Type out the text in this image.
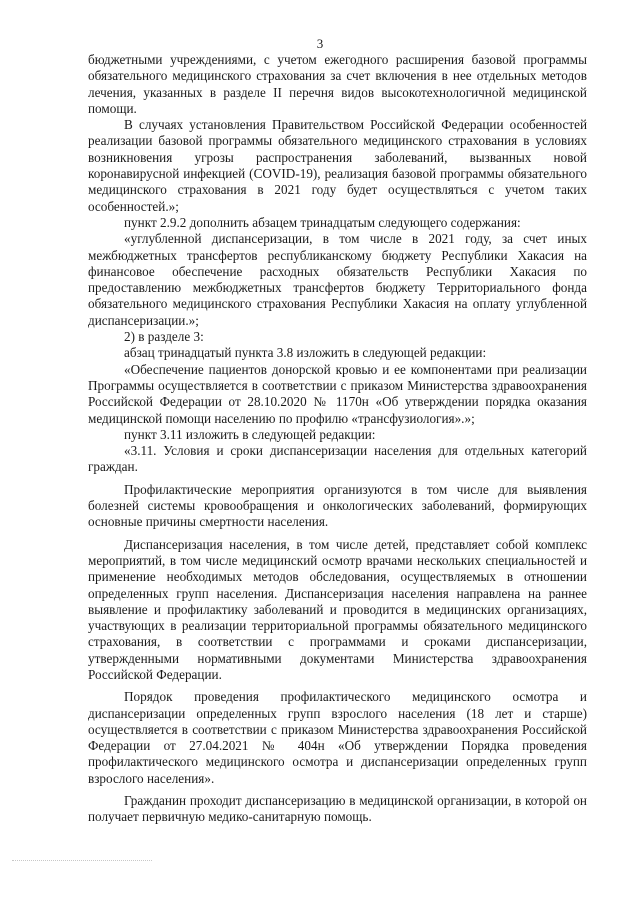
3

бюджетными учреждениями, с учетом ежегодного расширения базовой программы обязательного медицинского страхования за счет включения в нее отдельных методов лечения, указанных в разделе II перечня видов высокотехнологичной медицинской помощи.

В случаях установления Правительством Российской Федерации особенностей реализации базовой программы обязательного медицинского страхования в условиях возникновения угрозы распространения заболеваний, вызванных новой коронавирусной инфекцией (COVID-19), реализация базовой программы обязательного медицинского страхования в 2021 году будет осуществляться с учетом таких особенностей.»;

пункт 2.9.2 дополнить абзацем тринадцатым следующего содержания:

«углубленной диспансеризации, в том числе в 2021 году, за счет иных межбюджетных трансфертов республиканскому бюджету Республики Хакасия на финансовое обеспечение расходных обязательств Республики Хакасия по предоставлению межбюджетных трансфертов бюджету Территориального фонда обязательного медицинского страхования Республики Хакасия на оплату углубленной диспансеризации.»;

2) в разделе 3:

абзац тринадцатый пункта 3.8 изложить в следующей редакции:

«Обеспечение пациентов донорской кровью и ее компонентами при реализации Программы осуществляется в соответствии с приказом Министерства здравоохранения Российской Федерации от 28.10.2020 № 1170н «Об утверждении порядка оказания медицинской помощи населению по профилю «трансфузиология».»;

пункт 3.11 изложить в следующей редакции:

«3.11. Условия и сроки диспансеризации населения для отдельных категорий граждан.

Профилактические мероприятия организуются в том числе для выявления болезней системы кровообращения и онкологических заболеваний, формирующих основные причины смертности населения.

Диспансеризация населения, в том числе детей, представляет собой комплекс мероприятий, в том числе медицинский осмотр врачами нескольких специальностей и применение необходимых методов обследования, осуществляемых в отношении определенных групп населения. Диспансеризация населения направлена на раннее выявление и профилактику заболеваний и проводится в медицинских организациях, участвующих в реализации территориальной программы обязательного медицинского страхования, в соответствии с программами и сроками диспансеризации, утвержденными нормативными документами Министерства здравоохранения Российской Федерации.

Порядок проведения профилактического медицинского осмотра и диспансеризации определенных групп взрослого населения (18 лет и старше) осуществляется в соответствии с приказом Министерства здравоохранения Российской Федерации от 27.04.2021 № 404н «Об утверждении Порядка проведения профилактического медицинского осмотра и диспансеризации определенных групп взрослого населения».

Гражданин проходит диспансеризацию в медицинской организации, в которой он получает первичную медико-санитарную помощь.
